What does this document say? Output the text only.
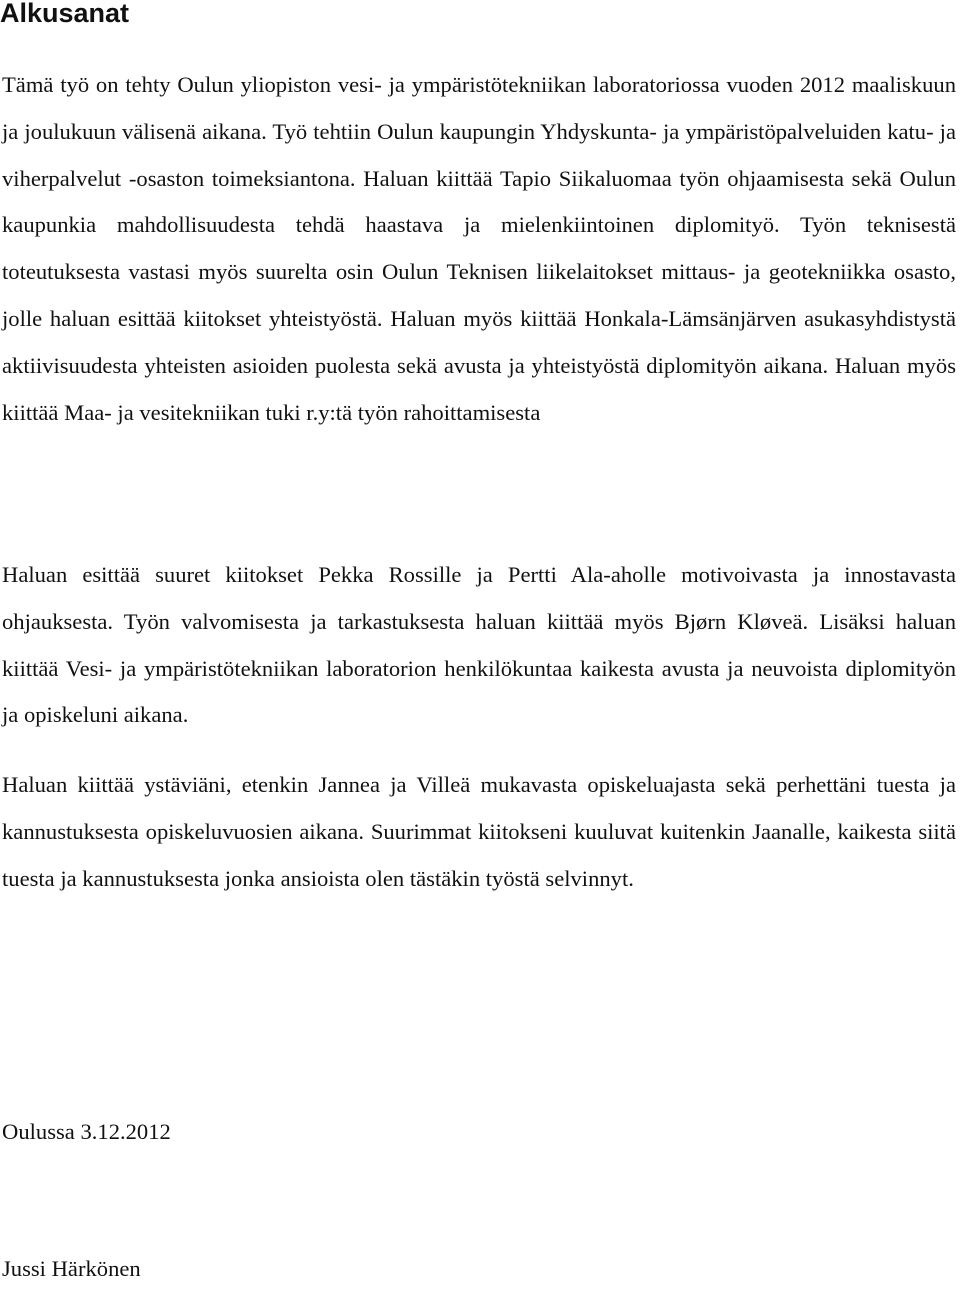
Alkusanat

Tämä työ on tehty Oulun yliopiston vesi- ja ympäristötekniikan laboratoriossa vuoden 2012 maaliskuun ja joulukuun välisenä aikana. Työ tehtiin Oulun kaupungin Yhdyskunta- ja ympäristöpalveluiden katu- ja viherpalvelut -osaston toimeksiantona. Haluan kiittää Tapio Siikaluomaa työn ohjaamisesta sekä Oulun kaupunkia mahdollisuudesta tehdä haastava ja mielenkiintoinen diplomityö. Työn teknisestä toteutuksesta vastasi myös suurelta osin Oulun Teknisen liikelaitokset mittaus- ja geotekniikka osasto, jolle haluan esittää kiitokset yhteistyöstä. Haluan myös kiittää Honkala-Lämsänjärven asukasyhdistystä aktiivisuudesta yhteisten asioiden puolesta sekä avusta ja yhteistyöstä diplomityön aikana. Haluan myös kiittää Maa- ja vesitekniikan tuki r.y:tä työn rahoittamisesta

Haluan esittää suuret kiitokset Pekka Rossille ja Pertti Ala-aholle motivoivasta ja innostavasta ohjauksesta. Työn valvomisesta ja tarkastuksesta haluan kiittää myös Bjørn Kløveä. Lisäksi haluan kiittää Vesi- ja ympäristötekniikan laboratorion henkilökuntaa kaikesta avusta ja neuvoista diplomityön ja opiskeluni aikana.

Haluan kiittää ystäviäni, etenkin Jannea ja Villeä mukavasta opiskeluajasta sekä perhettäni tuesta ja kannustuksesta opiskeluvuosien aikana. Suurimmat kiitokseni kuuluvat kuitenkin Jaanalle, kaikesta siitä tuesta ja kannustuksesta jonka ansioista olen tästäkin työstä selvinnyt.

Oulussa 3.12.2012

Jussi Härkönen
